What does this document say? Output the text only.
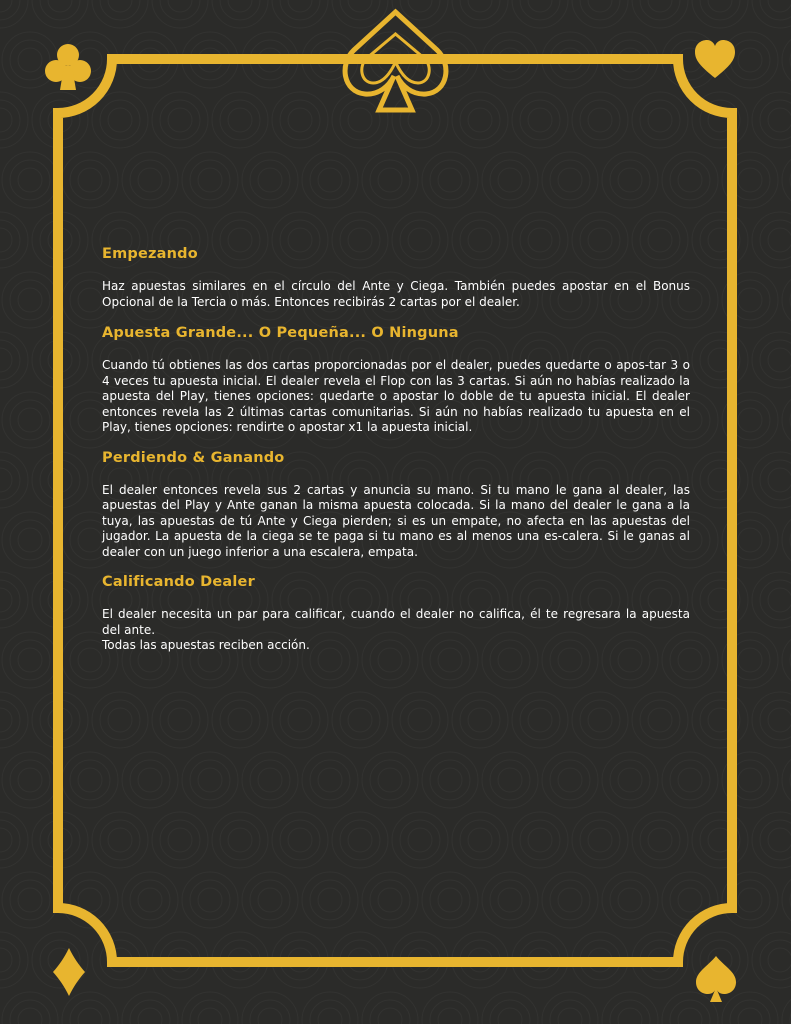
Empezando

Haz apuestas similares en el círculo del Ante y Ciega. También puedes apostar en el Bonus Opcional de la Tercia o más. Entonces recibirás 2 cartas por el dealer.

Apuesta Grande... O Pequeña... O Ninguna

Cuando tú obtienes las dos cartas proporcionadas por el dealer, puedes quedarte o apos-tar 3 o 4 veces tu apuesta inicial. El dealer revela el Flop con las 3 cartas. Si aún no habías realizado la apuesta del Play, tienes opciones: quedarte o apostar lo doble de tu apuesta inicial. El dealer entonces revela las 2 últimas cartas comunitarias. Si aún no habías realizado tu apuesta en el Play, tienes opciones: rendirte o apostar x1 la apuesta inicial.

Perdiendo & Ganando

El dealer entonces revela sus 2 cartas y anuncia su mano. Si tu mano le gana al dealer, las apuestas del Play y Ante ganan la misma apuesta colocada. Si la mano del dealer le gana a la tuya, las apuestas de tú Ante y Ciega pierden; si es un empate, no afecta en las apuestas del jugador. La apuesta de la ciega se te paga si tu mano es al menos una es-calera. Si le ganas al dealer con un juego inferior a una escalera, empata.

Calificando Dealer

El dealer necesita un par para calificar, cuando el dealer no califica, él te regresara la apuesta del ante.

Todas las apuestas reciben acción.
